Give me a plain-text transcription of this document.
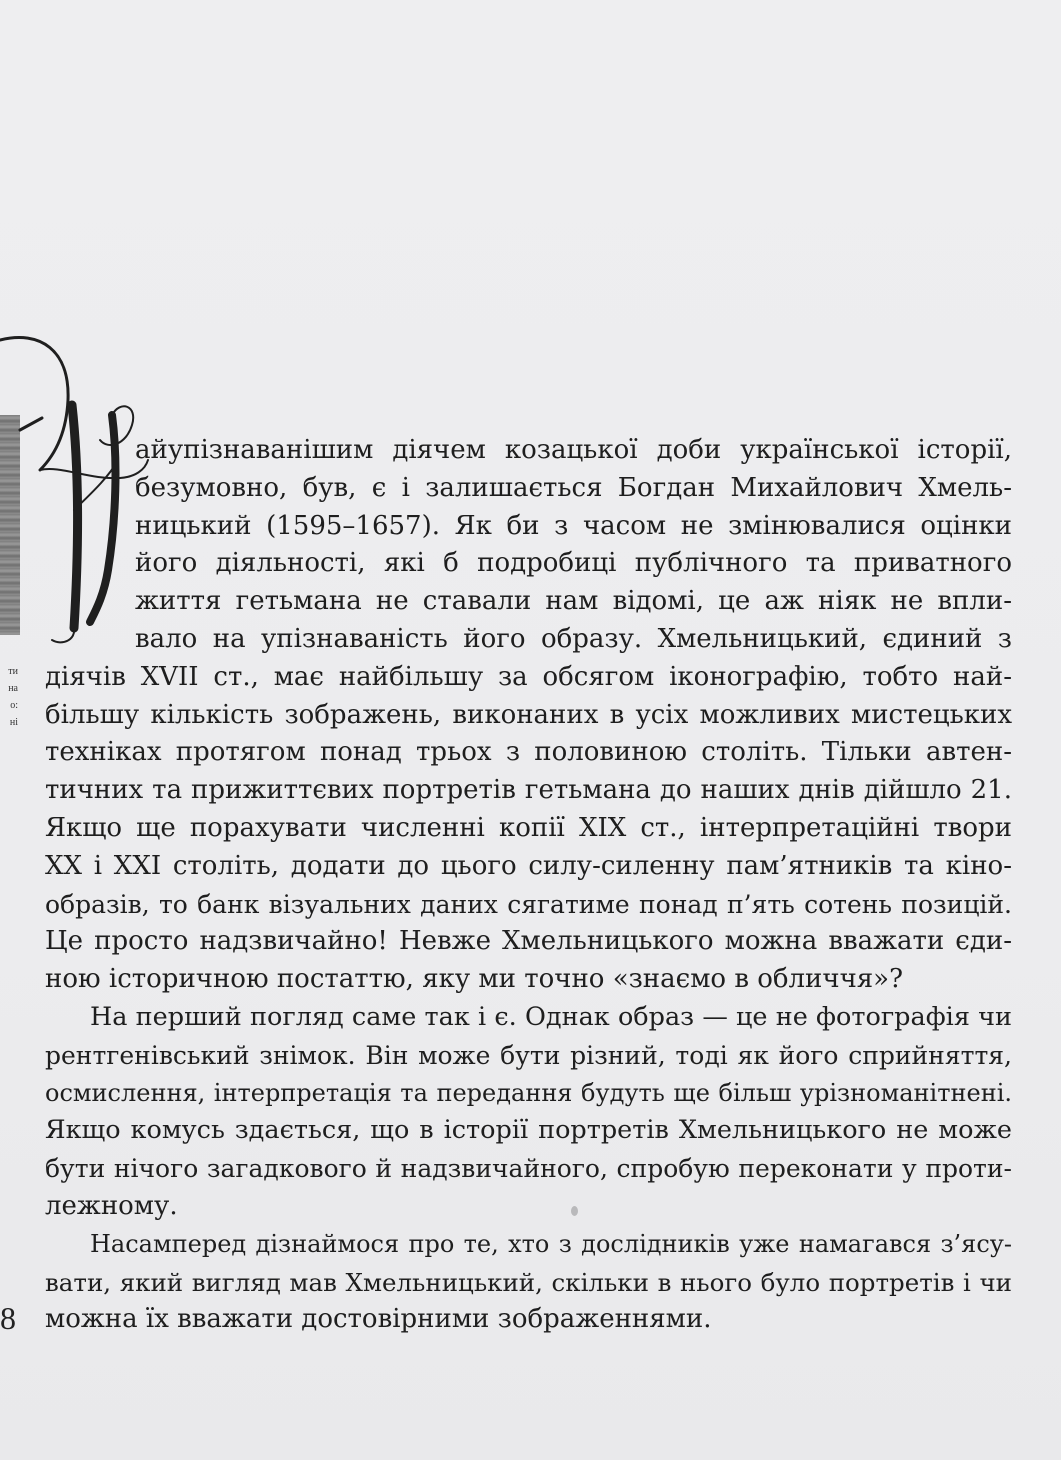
ти
на
о:
ні
айупізнаванішим діячем козацької доби української історії,
безумовно, був, є і залишається Богдан Михайлович Хмель-
ницький (1595–1657). Як би з часом не змінювалися оцінки
його діяльності, які б подробиці публічного та приватного
життя гетьмана не ставали нам відомі, це аж ніяк не впли-
вало на упізнаваність його образу. Хмельницький, єдиний з
діячів XVII ст., має найбільшу за обсягом іконографію, тобто най-
більшу кількість зображень, виконаних в усіх можливих мистецьких
техніках протягом понад трьох з половиною століть. Тільки автен-
тичних та прижиттєвих портретів гетьмана до наших днів дійшло 21.
Якщо ще порахувати численні копії XIX ст., інтерпретаційні твори
XX і XXI століть, додати до цього силу-силенну пам’ятників та кіно-
образів, то банк візуальних даних сягатиме понад п’ять сотень позицій.
Це просто надзвичайно! Невже Хмельницького можна вважати єди-
ною історичною постаттю, яку ми точно «знаємо в обличчя»?
На перший погляд саме так і є. Однак образ — це не фотографія чи
рентгенівський знімок. Він може бути різний, тоді як його сприйняття,
осмислення, інтерпретація та передання будуть ще більш урізноманітнені.
Якщо комусь здається, що в історії портретів Хмельницького не може
бути нічого загадкового й надзвичайного, спробую переконати у проти-
лежному.
Насамперед дізнаймося про те, хто з дослідників уже намагався з’ясу-
вати, який вигляд мав Хмельницький, скільки в нього було портретів і чи
можна їх вважати достовірними зображеннями.
8
